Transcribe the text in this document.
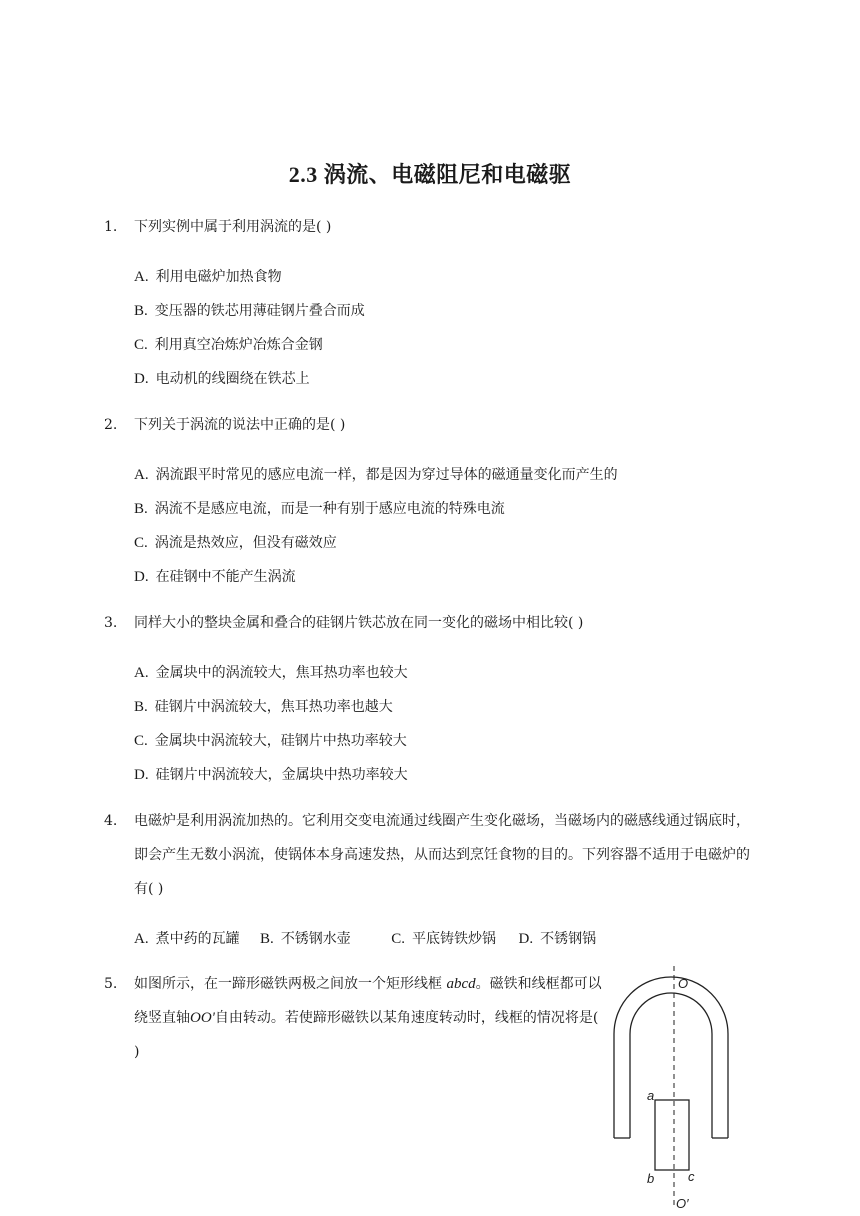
2.3 涡流、电磁阻尼和电磁驱
1. 下列实例中属于利用涡流的是( )
A. 利用电磁炉加热食物
B. 变压器的铁芯用薄硅钢片叠合而成
C. 利用真空冶炼炉冶炼合金钢
D. 电动机的线圈绕在铁芯上
2. 下列关于涡流的说法中正确的是( )
A. 涡流跟平时常见的感应电流一样，都是因为穿过导体的磁通量变化而产生的
B. 涡流不是感应电流，而是一种有别于感应电流的特殊电流
C. 涡流是热效应，但没有磁效应
D. 在硅钢中不能产生涡流
3. 同样大小的整块金属和叠合的硅钢片铁芯放在同一变化的磁场中相比较( )
A. 金属块中的涡流较大，焦耳热功率也较大
B. 硅钢片中涡流较大，焦耳热功率也越大
C. 金属块中涡流较大，硅钢片中热功率较大
D. 硅钢片中涡流较大，金属块中热功率较大
4. 电磁炉是利用涡流加热的。它利用交变电流通过线圈产生变化磁场，当磁场内的磁感线通过锅底时，即会产生无数小涡流，使锅体本身高速发热，从而达到烹饪食物的目的。下列容器不适用于电磁炉的有( )
A. 煮中药的瓦罐 B. 不锈钢水壶	C. 平底铸铁炒锅 D. 不锈钢锅
5. 如图所示，在一蹄形磁铁两极之间放一个矩形线框 abcd。磁铁和线框都可以绕竖直轴OO'自由转动。若使蹄形磁铁以某角速度转动时，线框的情况将是( )
O
a
b	c
O′
